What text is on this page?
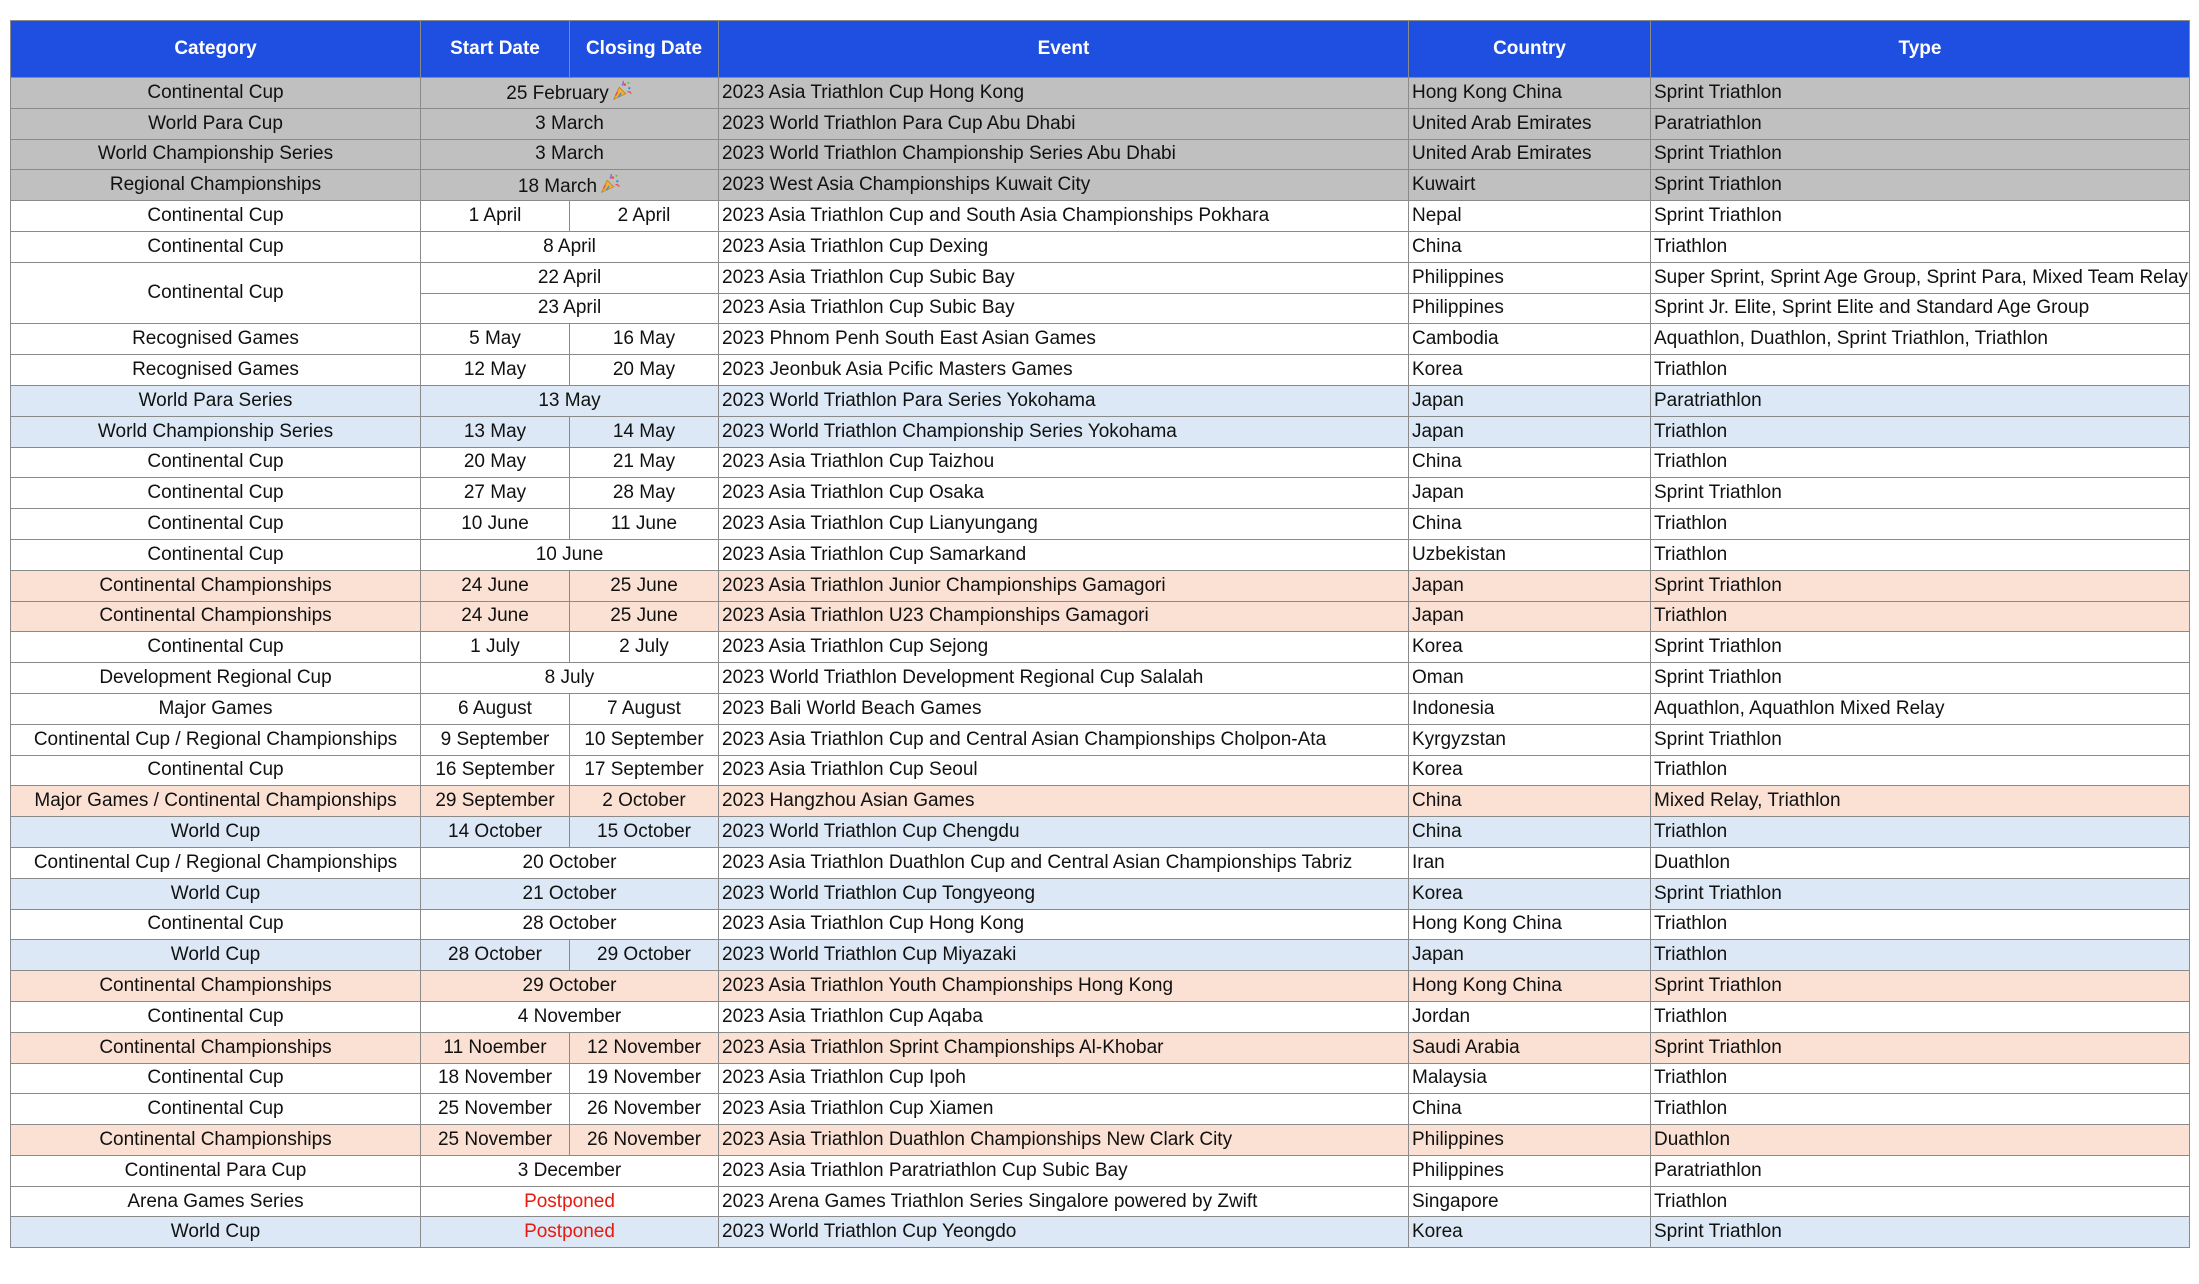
Category	Start Date	Closing Date	Event	Country	Type
Continental Cup	25 February		2023 Asia Triathlon Cup Hong Kong	Hong Kong China	Sprint Triathlon
World Para Cup	3 March		2023 World Triathlon Para Cup Abu Dhabi	United Arab Emirates	Paratriathlon
World Championship Series	3 March		2023 World Triathlon Championship Series Abu Dhabi	United Arab Emirates	Sprint Triathlon
Regional Championships	18 March		2023 West Asia Championships Kuwait City	Kuwairt	Sprint Triathlon
Continental Cup	1 April	2 April	2023 Asia Triathlon Cup and South Asia Championships Pokhara	Nepal	Sprint Triathlon
Continental Cup	8 April		2023 Asia Triathlon Cup Dexing	China	Triathlon
Continental Cup	22 April		2023 Asia Triathlon Cup Subic Bay	Philippines	Super Sprint, Sprint Age Group, Sprint Para, Mixed Team Relay
	23 April		2023 Asia Triathlon Cup Subic Bay	Philippines	Sprint Jr. Elite, Sprint Elite and Standard Age Group
Recognised Games	5 May	16 May	2023 Phnom Penh South East Asian Games	Cambodia	Aquathlon, Duathlon, Sprint Triathlon, Triathlon
Recognised Games	12 May	20 May	2023 Jeonbuk Asia Pcific Masters Games	Korea	Triathlon
World Para Series	13 May		2023 World Triathlon Para Series Yokohama	Japan	Paratriathlon
World Championship Series	13 May	14 May	2023 World Triathlon Championship Series Yokohama	Japan	Triathlon
Continental Cup	20 May	21 May	2023 Asia Triathlon Cup Taizhou	China	Triathlon
Continental Cup	27 May	28 May	2023 Asia Triathlon Cup Osaka	Japan	Sprint Triathlon
Continental Cup	10 June	11 June	2023 Asia Triathlon Cup Lianyungang	China	Triathlon
Continental Cup	10 June		2023 Asia Triathlon Cup Samarkand	Uzbekistan	Triathlon
Continental Championships	24 June	25 June	2023 Asia Triathlon Junior Championships Gamagori	Japan	Sprint Triathlon
Continental Championships	24 June	25 June	2023 Asia Triathlon U23 Championships Gamagori	Japan	Triathlon
Continental Cup	1 July	2 July	2023 Asia Triathlon Cup Sejong	Korea	Sprint Triathlon
Development Regional Cup	8 July		2023 World Triathlon Development Regional Cup Salalah	Oman	Sprint Triathlon
Major Games	6 August	7 August	2023 Bali World Beach Games	Indonesia	Aquathlon, Aquathlon Mixed Relay
Continental Cup / Regional Championships	9 September	10 September	2023 Asia Triathlon Cup and Central Asian Championships Cholpon-Ata	Kyrgyzstan	Sprint Triathlon
Continental Cup	16 September	17 September	2023 Asia Triathlon Cup Seoul	Korea	Triathlon
Major Games / Continental Championships	29 September	2 October	2023 Hangzhou Asian Games	China	Mixed Relay, Triathlon
World Cup	14 October	15 October	2023 World Triathlon Cup Chengdu	China	Triathlon
Continental Cup / Regional Championships	20 October		2023 Asia Triathlon Duathlon Cup and Central Asian Championships Tabriz	Iran	Duathlon
World Cup	21 October		2023 World Triathlon Cup Tongyeong	Korea	Sprint Triathlon
Continental Cup	28 October		2023 Asia Triathlon Cup Hong Kong	Hong Kong China	Triathlon
World Cup	28 October	29 October	2023 World Triathlon Cup Miyazaki	Japan	Triathlon
Continental Championships	29 October		2023 Asia Triathlon Youth Championships Hong Kong	Hong Kong China	Sprint Triathlon
Continental Cup	4 November		2023 Asia Triathlon Cup Aqaba	Jordan	Triathlon
Continental Championships	11 Noember	12 November	2023 Asia Triathlon Sprint Championships Al-Khobar	Saudi Arabia	Sprint Triathlon
Continental Cup	18 November	19 November	2023 Asia Triathlon Cup Ipoh	Malaysia	Triathlon
Continental Cup	25 November	26 November	2023 Asia Triathlon Cup Xiamen	China	Triathlon
Continental Championships	25 November	26 November	2023 Asia Triathlon Duathlon Championships New Clark City	Philippines	Duathlon
Continental Para Cup	3 December		2023 Asia Triathlon Paratriathlon Cup Subic Bay	Philippines	Paratriathlon
Arena Games Series	Postponed		2023 Arena Games Triathlon Series Singalore powered by Zwift	Singapore	Triathlon
World Cup	Postponed		2023 World Triathlon Cup Yeongdo	Korea	Sprint Triathlon
